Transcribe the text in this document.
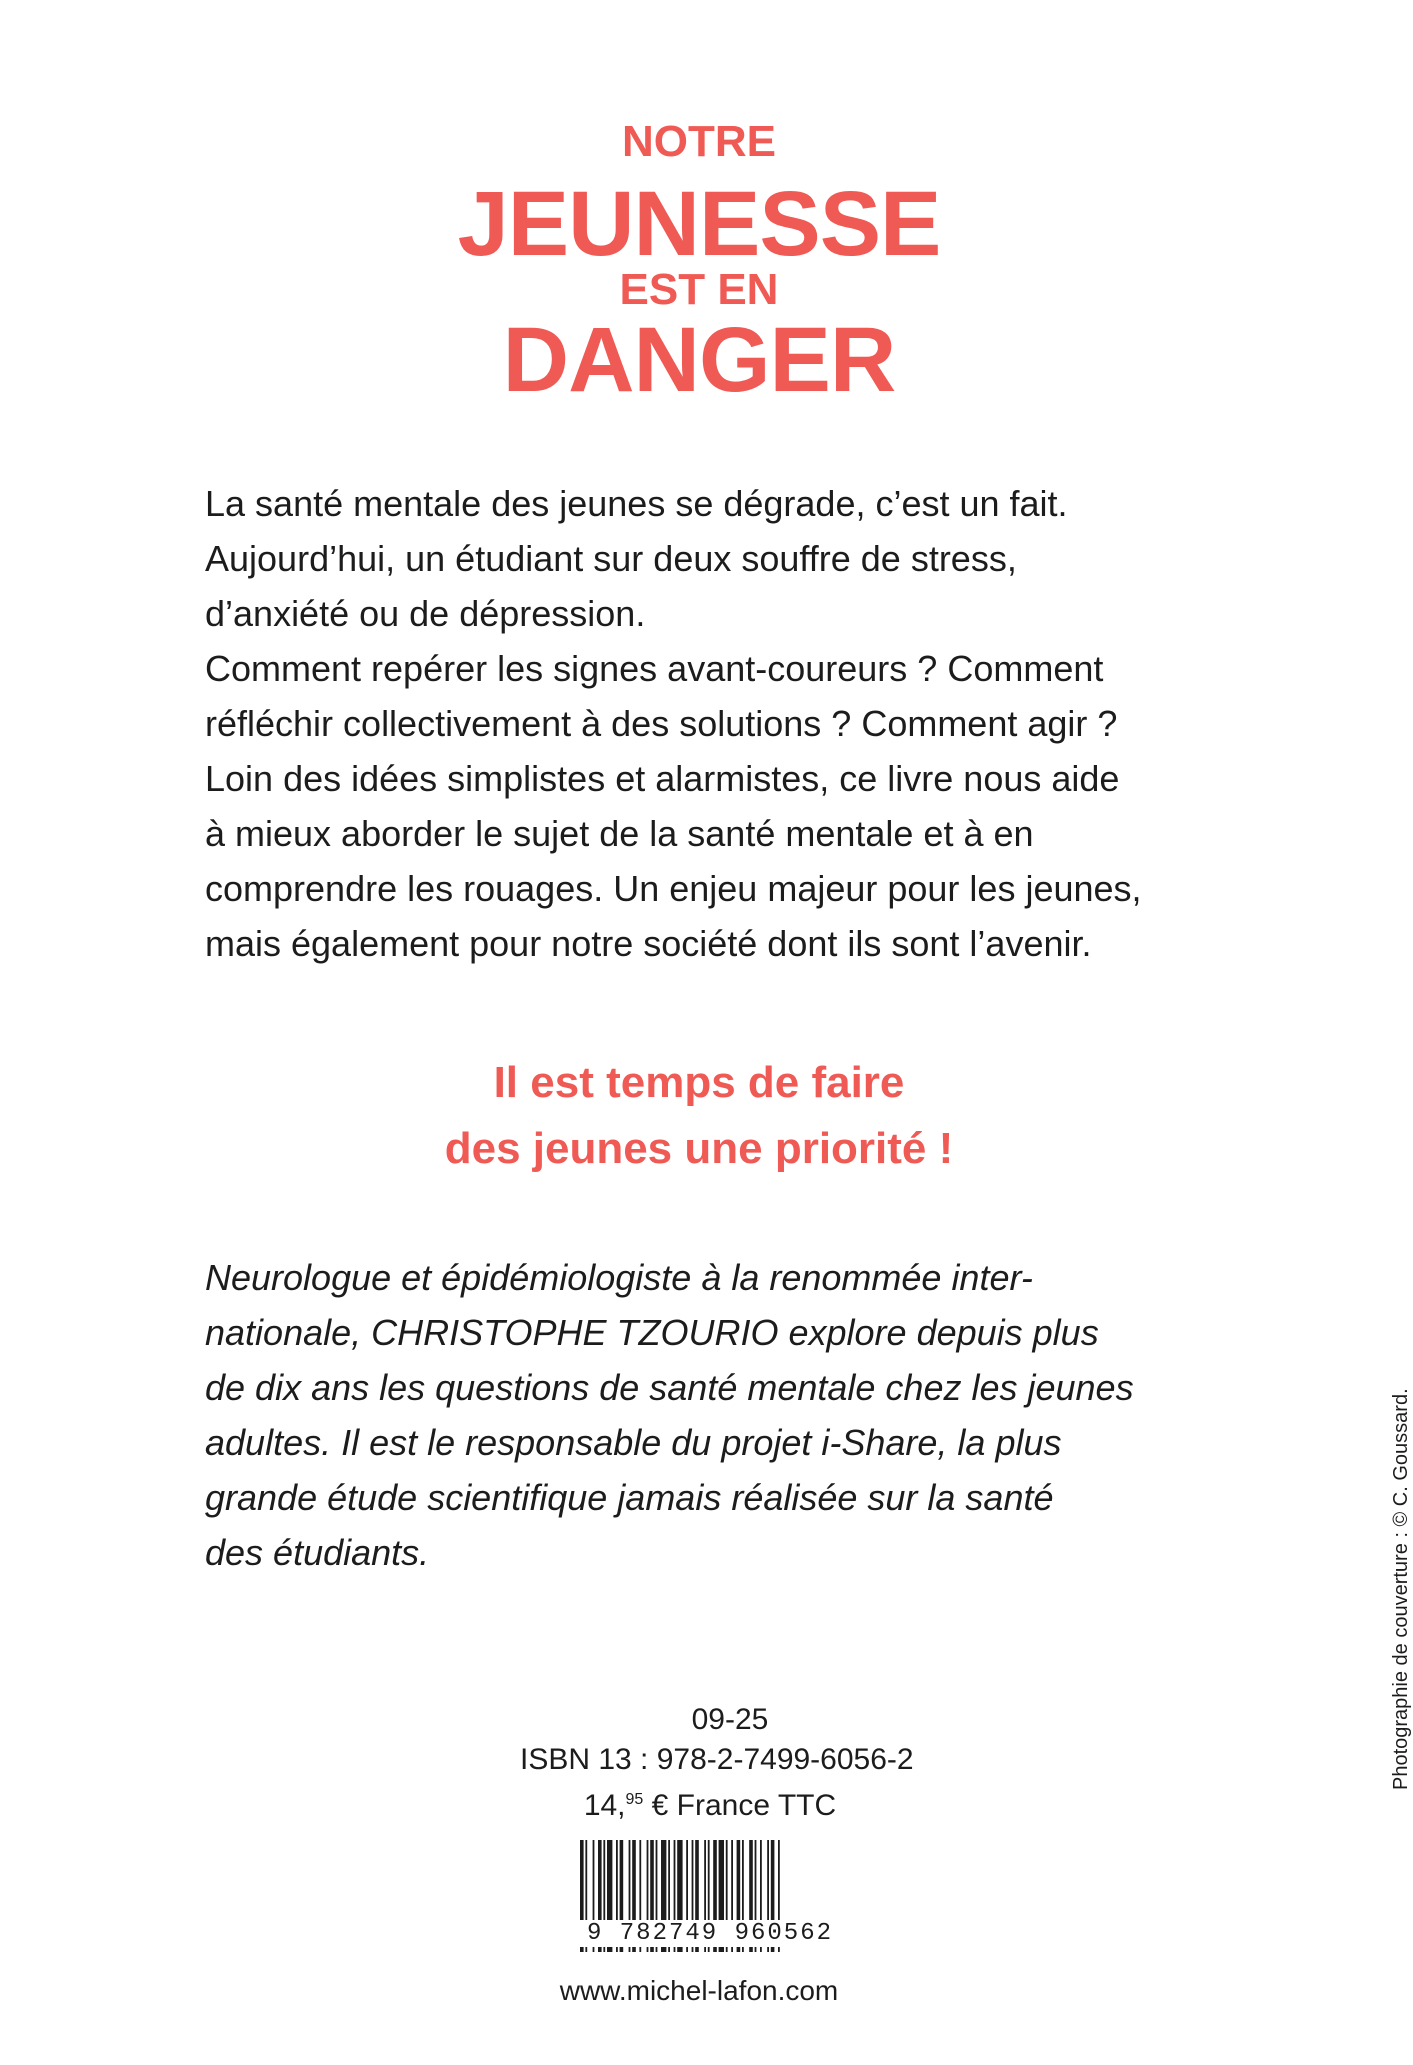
NOTRE
JEUNESSE
EST EN
DANGER

La santé mentale des jeunes se dégrade, c’est un fait.

Aujourd’hui, un étudiant sur deux souffre de stress,

d’anxiété ou de dépression.

Comment repérer les signes avant-coureurs ? Comment

réfléchir collectivement à des solutions ? Comment agir ?

Loin des idées simplistes et alarmistes, ce livre nous aide

à mieux aborder le sujet de la santé mentale et à en

comprendre les rouages. Un enjeu majeur pour les jeunes,

mais également pour notre société dont ils sont l’avenir.

Il est temps de faire
des jeunes une priorité !
Neurologue et épidémiologiste à la renommée inter-
nationale, CHRISTOPHE TZOURIO explore depuis plus
de dix ans les questions de santé mentale chez les jeunes
adultes. Il est le responsable du projet i-Share, la plus
grande étude scientifique jamais réalisée sur la santé
des étudiants.
09-25
ISBN 13 : 978-2-7499-6056-2
14,95 € France TTC
9 782749 960562
www.michel-lafon.com
Photographie de couverture : © C. Goussard.
